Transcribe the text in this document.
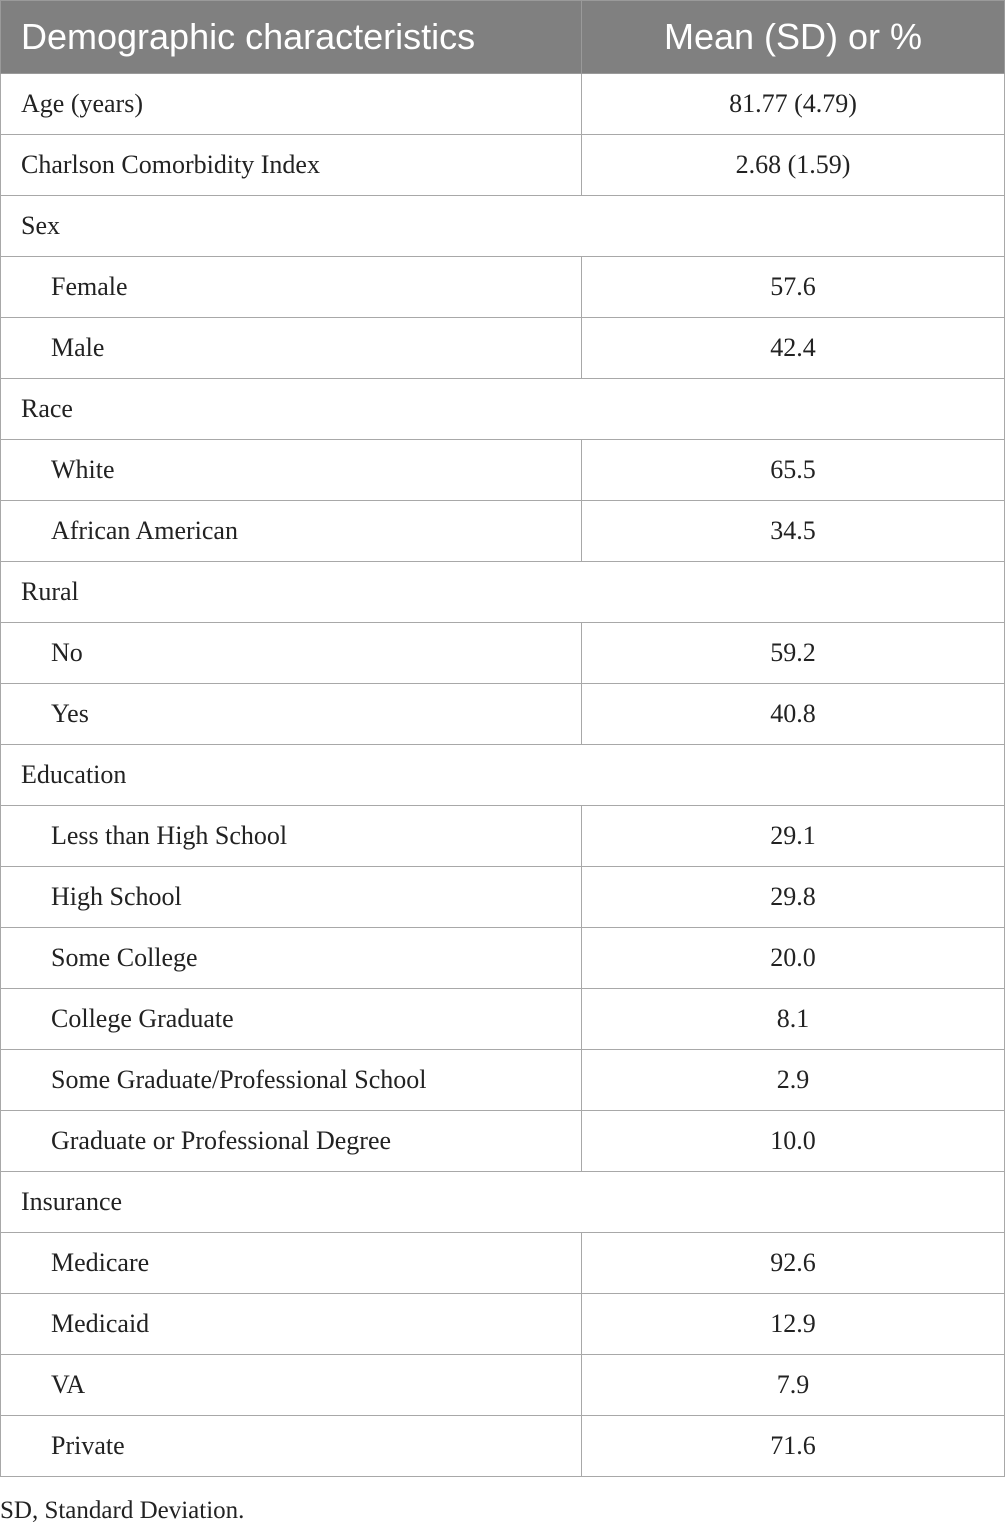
Demographic characteristics	Mean (SD) or %
Age (years)	81.77 (4.79)
Charlson Comorbidity Index	2.68 (1.59)
Sex	
Female	57.6
Male	42.4
Race	
White	65.5
African American	34.5
Rural	
No	59.2
Yes	40.8
Education	
Less than High School	29.1
High School	29.8
Some College	20.0
College Graduate	8.1
Some Graduate/Professional School	2.9
Graduate or Professional Degree	10.0
Insurance	
Medicare	92.6
Medicaid	12.9
VA	7.9
Private	71.6
SD, Standard Deviation.
